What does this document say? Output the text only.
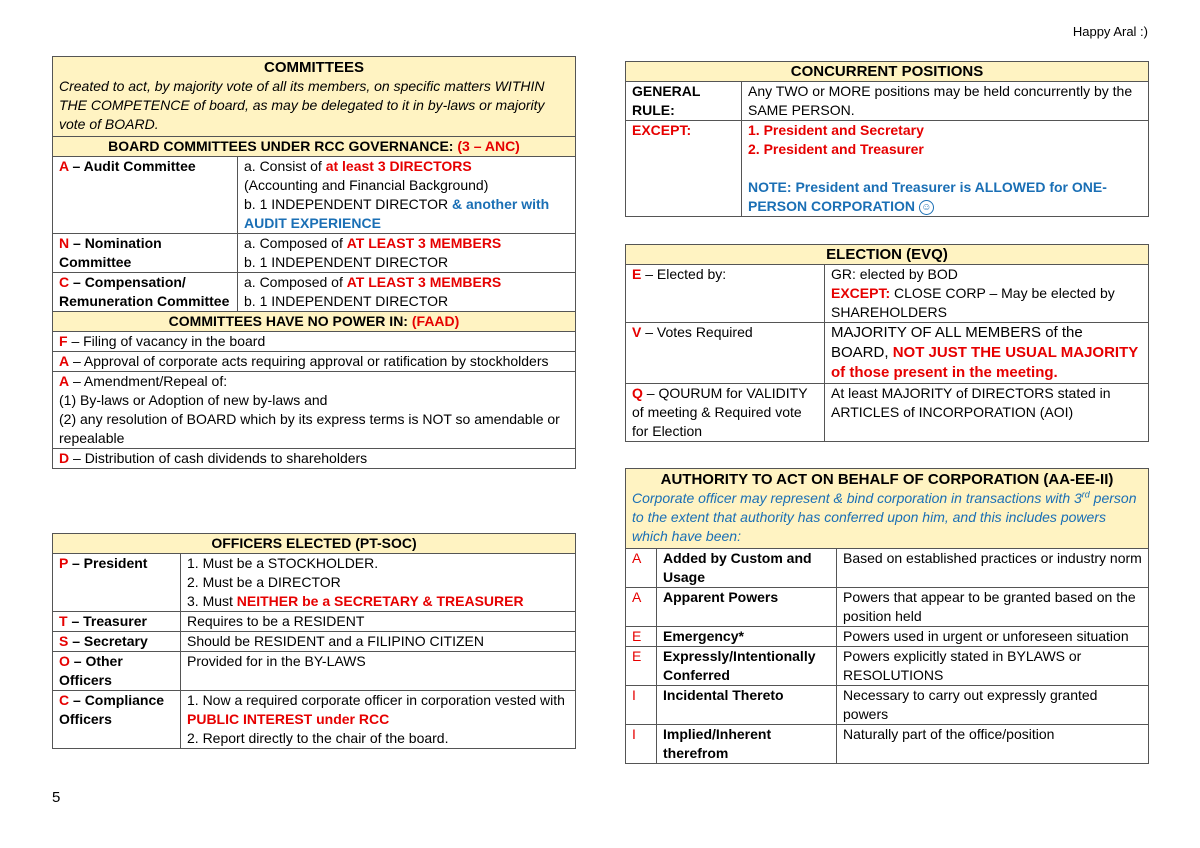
Happy Aral :)
COMMITTEES
Created to act, by majority vote of all its members, on specific matters WITHIN THE COMPETENCE of board, as may be delegated to it in by-laws or majority vote of BOARD.	

BOARD COMMITTEES UNDER RCC GOVERNANCE: (3 – ANC)	
A – Audit Committee	a. Consist of at least 3 DIRECTORS
(Accounting and Financial Background)
b. 1 INDEPENDENT DIRECTOR & another with AUDIT EXPERIENCE

N – Nomination Committee	a. Composed of AT LEAST 3 MEMBERS
b. 1 INDEPENDENT DIRECTOR

C – Compensation/ Remuneration Committee	a. Composed of AT LEAST 3 MEMBERS
b. 1 INDEPENDENT DIRECTOR

COMMITTEES HAVE NO POWER IN: (FAAD)	
F – Filing of vacancy in the board	
A – Approval of corporate acts requiring approval or ratification by stockholders	

A – Amendment/Repeal of:
(1) By-laws or Adoption of new by-laws and
(2) any resolution of BOARD which by its express terms is NOT so amendable or repealable	

D – Distribution of cash dividends to shareholders	
OFFICERS ELECTED (PT-SOC)	
P – President	1. Must be a STOCKHOLDER.
2. Must be a DIRECTOR
3. Must NEITHER be a SECRETARY & TREASURER

T – Treasurer	Requires to be a RESIDENT
S – Secretary	Should be RESIDENT and a FILIPINO CITIZEN
O – Other Officers	Provided for in the BY-LAWS
C – Compliance Officers	1. Now a required corporate officer in corporation vested with PUBLIC INTEREST under RCC
2. Report directly to the chair of the board.
CONCURRENT POSITIONS	
GENERAL RULE:	Any TWO or MORE positions may be held concurrently by the SAME PERSON.
EXCEPT:	1. President and Secretary
2. President and Treasurer
NOTE: President and Treasurer is ALLOWED for ONE-PERSON CORPORATION ☺
ELECTION (EVQ)	
E – Elected by:	GR: elected by BOD
EXCEPT: CLOSE CORP – May be elected by SHAREHOLDERS

V – Votes Required	MAJORITY OF ALL MEMBERS of the BOARD, NOT JUST THE USUAL MAJORITY of those present in the meeting.
Q – QOURUM for VALIDITY of meeting & Required vote for Election	At least MAJORITY of DIRECTORS stated in ARTICLES of INCORPORATION (AOI)
AUTHORITY TO ACT ON BEHALF OF CORPORATION (AA-EE-II)
Corporate officer may represent & bind corporation in transactions with 3rd person to the extent that authority has conferred upon him, and this includes powers which have been:		

A	Added by Custom and Usage	Based on established practices or industry norm
A	Apparent Powers	Powers that appear to be granted based on the position held
E	Emergency*	Powers used in urgent or unforeseen situation
E	Expressly/Intentionally Conferred	Powers explicitly stated in BYLAWS or RESOLUTIONS
I	Incidental Thereto	Necessary to carry out expressly granted powers
I	Implied/Inherent therefrom	Naturally part of the office/position
5
